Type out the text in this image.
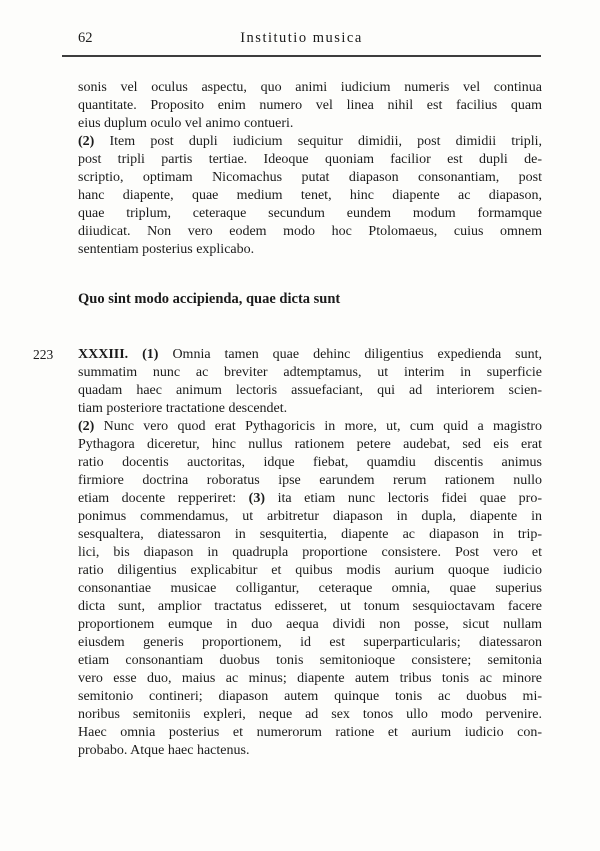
62	Institutio musica
sonis vel oculus aspectu, quo animi iudicium numeris vel continua
quantitate. Proposito enim numero vel linea nihil est facilius quam
eius duplum oculo vel animo contueri.
(2) Item post dupli iudicium sequitur dimidii, post dimidii tripli,
post tripli partis tertiae. Ideoque quoniam facilior est dupli de-
scriptio, optimam Nicomachus putat diapason consonantiam, post
hanc diapente, quae medium tenet, hinc diapente ac diapason,
quae triplum, ceteraque secundum eundem modum formamque
diiudicat. Non vero eodem modo hoc Ptolomaeus, cuius omnem
sententiam posterius explicabo.
Quo sint modo accipienda, quae dicta sunt
223	XXXIII. (1) Omnia tamen quae dehinc diligentius expedienda sunt,
summatim nunc ac breviter adtemptamus, ut interim in superficie
quadam haec animum lectoris assuefaciant, qui ad interiorem scien-
tiam posteriore tractatione descendet.
(2) Nunc vero quod erat Pythagoricis in more, ut, cum quid a magistro
Pythagora diceretur, hinc nullus rationem petere audebat, sed eis erat
ratio docentis auctoritas, idque fiebat, quamdiu discentis animus
firmiore doctrina roboratus ipse earundem rerum rationem nullo
etiam docente repperiret: (3) ita etiam nunc lectoris fidei quae pro-
ponimus commendamus, ut arbitretur diapason in dupla, diapente in
sesqualtera, diatessaron in sesquitertia, diapente ac diapason in trip-
lici, bis diapason in quadrupla proportione consistere. Post vero et
ratio diligentius explicabitur et quibus modis aurium quoque iudicio
consonantiae musicae colligantur, ceteraque omnia, quae superius
dicta sunt, amplior tractatus edisseret, ut tonum sesquioctavam facere
proportionem eumque in duo aequa dividi non posse, sicut nullam
eiusdem generis proportionem, id est superparticularis; diatessaron
etiam consonantiam duobus tonis semitonioque consistere; semitonia
vero esse duo, maius ac minus; diapente autem tribus tonis ac minore
semitonio contineri; diapason autem quinque tonis ac duobus mi-
noribus semitoniis expleri, neque ad sex tonos ullo modo pervenire.
Haec omnia posterius et numerorum ratione et aurium iudicio con-
probabo. Atque haec hactenus.
